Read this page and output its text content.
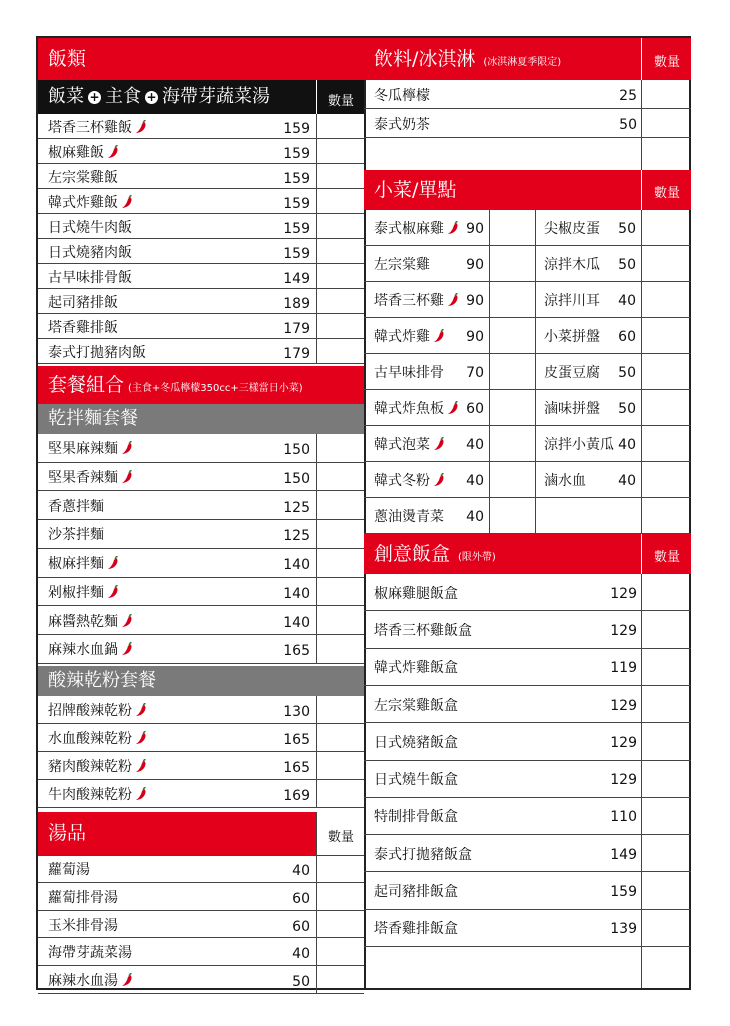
飯類
飯菜 + 主食 + 海帶芽蔬菜湯	數量
塔香三杯雞飯	159
椒麻雞飯	159
左宗棠雞飯	159
韓式炸雞飯	159
日式燒牛肉飯	159
日式燒豬肉飯	159
古早味排骨飯	149
起司豬排飯	189
塔香雞排飯	179
泰式打拋豬肉飯	179
套餐組合 (主食+冬瓜檸檬350cc+三樣當日小菜)
乾拌麵套餐
堅果麻辣麵	150
堅果香辣麵	150
香蔥拌麵	125
沙茶拌麵	125
椒麻拌麵	140
剁椒拌麵	140
麻醬熱乾麵	140
麻辣水血鍋	165
酸辣乾粉套餐
招牌酸辣乾粉	130
水血酸辣乾粉	165
豬肉酸辣乾粉	165
牛肉酸辣乾粉	169
湯品	數量
蘿蔔湯	40
蘿蔔排骨湯	60
玉米排骨湯	60
海帶芽蔬菜湯	40
麻辣水血湯	50
飲料/冰淇淋 (冰淇淋夏季限定)	數量
冬瓜檸檬	25
泰式奶茶	50
小菜/單點	數量
泰式椒麻雞	90	尖椒皮蛋	50
左宗棠雞	90	涼拌木瓜	50
塔香三杯雞	90	涼拌川耳	40
韓式炸雞	90	小菜拼盤	60
古早味排骨	70	皮蛋豆腐	50
韓式炸魚板	60	滷味拼盤	50
韓式泡菜	40	涼拌小黃瓜 40
韓式冬粉	40	滷水血	40
蔥油燙青菜	40
創意飯盒 (限外帶)	數量
椒麻雞腿飯盒	129
塔香三杯雞飯盒	129
韓式炸雞飯盒	119
左宗棠雞飯盒	129
日式燒豬飯盒	129
日式燒牛飯盒	129
特制排骨飯盒	110
泰式打拋豬飯盒	149
起司豬排飯盒	159
塔香雞排飯盒	139
